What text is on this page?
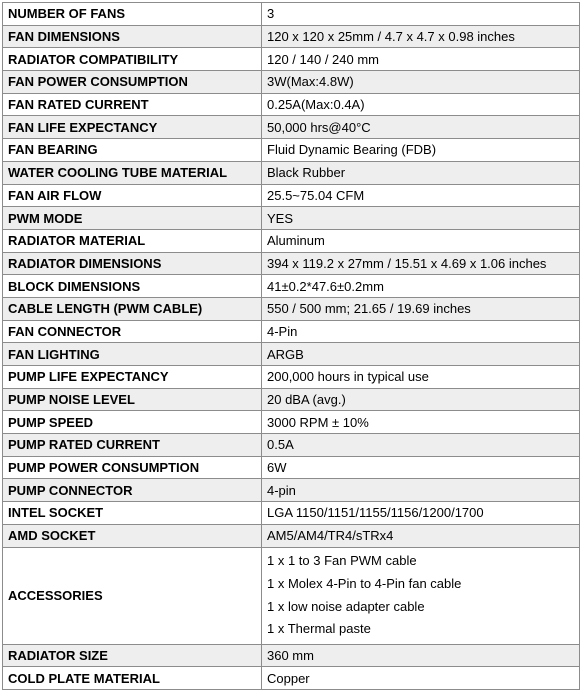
NUMBER OF FANS	3
FAN DIMENSIONS	120 x 120 x 25mm / 4.7 x 4.7 x 0.98 inches
RADIATOR COMPATIBILITY	120 / 140 / 240 mm
FAN POWER CONSUMPTION	3W(Max:4.8W)
FAN RATED CURRENT	0.25A(Max:0.4A)
FAN LIFE EXPECTANCY	50,000 hrs@40°C
FAN BEARING	Fluid Dynamic Bearing (FDB)
WATER COOLING TUBE MATERIAL	Black Rubber
FAN AIR FLOW	25.5~75.04 CFM
PWM MODE	YES
RADIATOR MATERIAL	Aluminum
RADIATOR DIMENSIONS	394 x 119.2 x 27mm / 15.51 x 4.69 x 1.06 inches
BLOCK DIMENSIONS	41±0.2*47.6±0.2mm
CABLE LENGTH (PWM CABLE)	550 / 500 mm; 21.65 / 19.69 inches
FAN CONNECTOR	4-Pin
FAN LIGHTING	ARGB
PUMP LIFE EXPECTANCY	200,000 hours in typical use
PUMP NOISE LEVEL	20 dBA (avg.)
PUMP SPEED	3000 RPM ± 10%
PUMP RATED CURRENT	0.5A
PUMP POWER CONSUMPTION	6W
PUMP CONNECTOR	4-pin
INTEL SOCKET	LGA 1150/1151/1155/1156/1200/1700
AMD SOCKET	AM5/AM4/TR4/sTRx4
ACCESSORIES	1 x 1 to 3 Fan PWM cable
1 x Molex 4-Pin to 4-Pin fan cable
1 x low noise adapter cable
1 x Thermal paste

RADIATOR SIZE	360 mm
COLD PLATE MATERIAL	Copper
